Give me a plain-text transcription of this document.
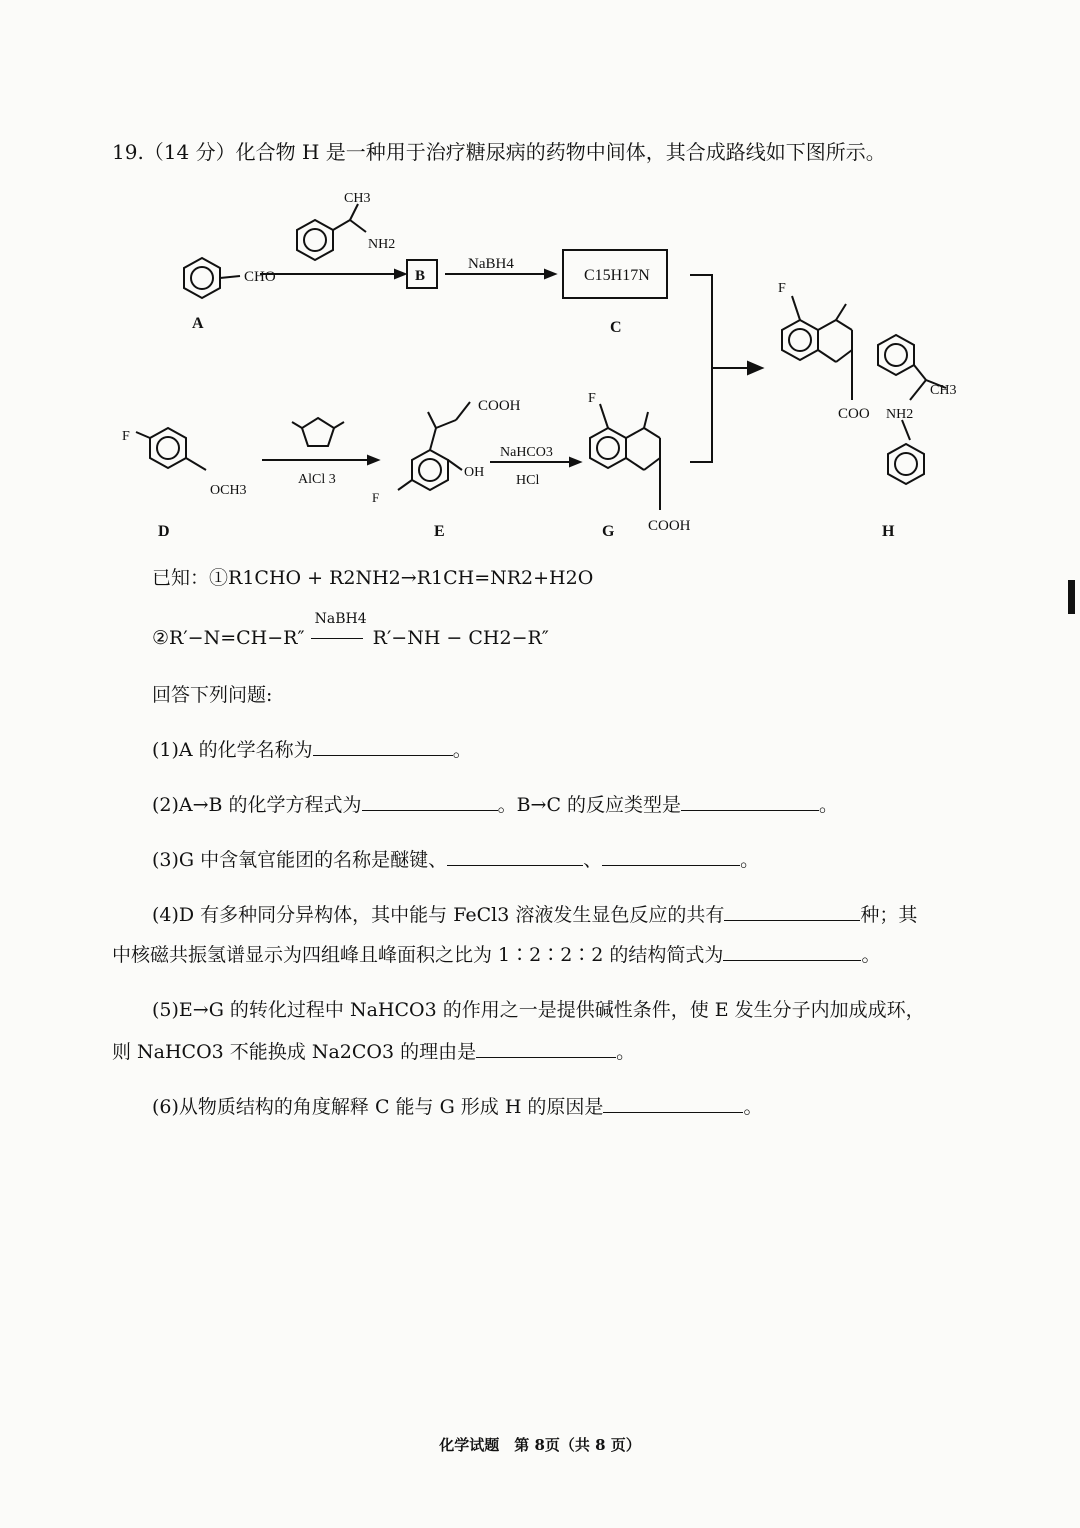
19.（14 分）化合物 H 是一种用于治疗糖尿病的药物中间体，其合成路线如下图所示。
A	C
D	E	G	H
B	C15H17N
CHO
CH3
NH2
NaBH4
AlCl 3
NaHCO3
HCl
F
OCH3
COOH
OH
F
F
COOH
F
COO NH2
CH3
已知：①R1CHO + R2NH2→R1CH=NR2+H2O
②R′−N=CH−R″
NaBH4
R′−NH − CH2−R″
回答下列问题:
(1)A 的化学名称为	。
(2)A→B 的化学方程式为	。B→C 的反应类型是	。
(3)G 中含氧官能团的名称是醚键、	、	。
(4)D 有多种同分异构体，其中能与 FeCl3 溶液发生显色反应的共有	种；其
中核磁共振氢谱显示为四组峰且峰面积之比为 1∶2∶2∶2 的结构简式为	。
(5)E→G 的转化过程中 NaHCO3 的作用之一是提供碱性条件，使 E 发生分子内加成成环，
则 NaHCO3 不能换成 Na2CO3 的理由是	。
(6)从物质结构的角度解释 C 能与 G 形成 H 的原因是	。
化学试题　第 8页（共 8 页）
